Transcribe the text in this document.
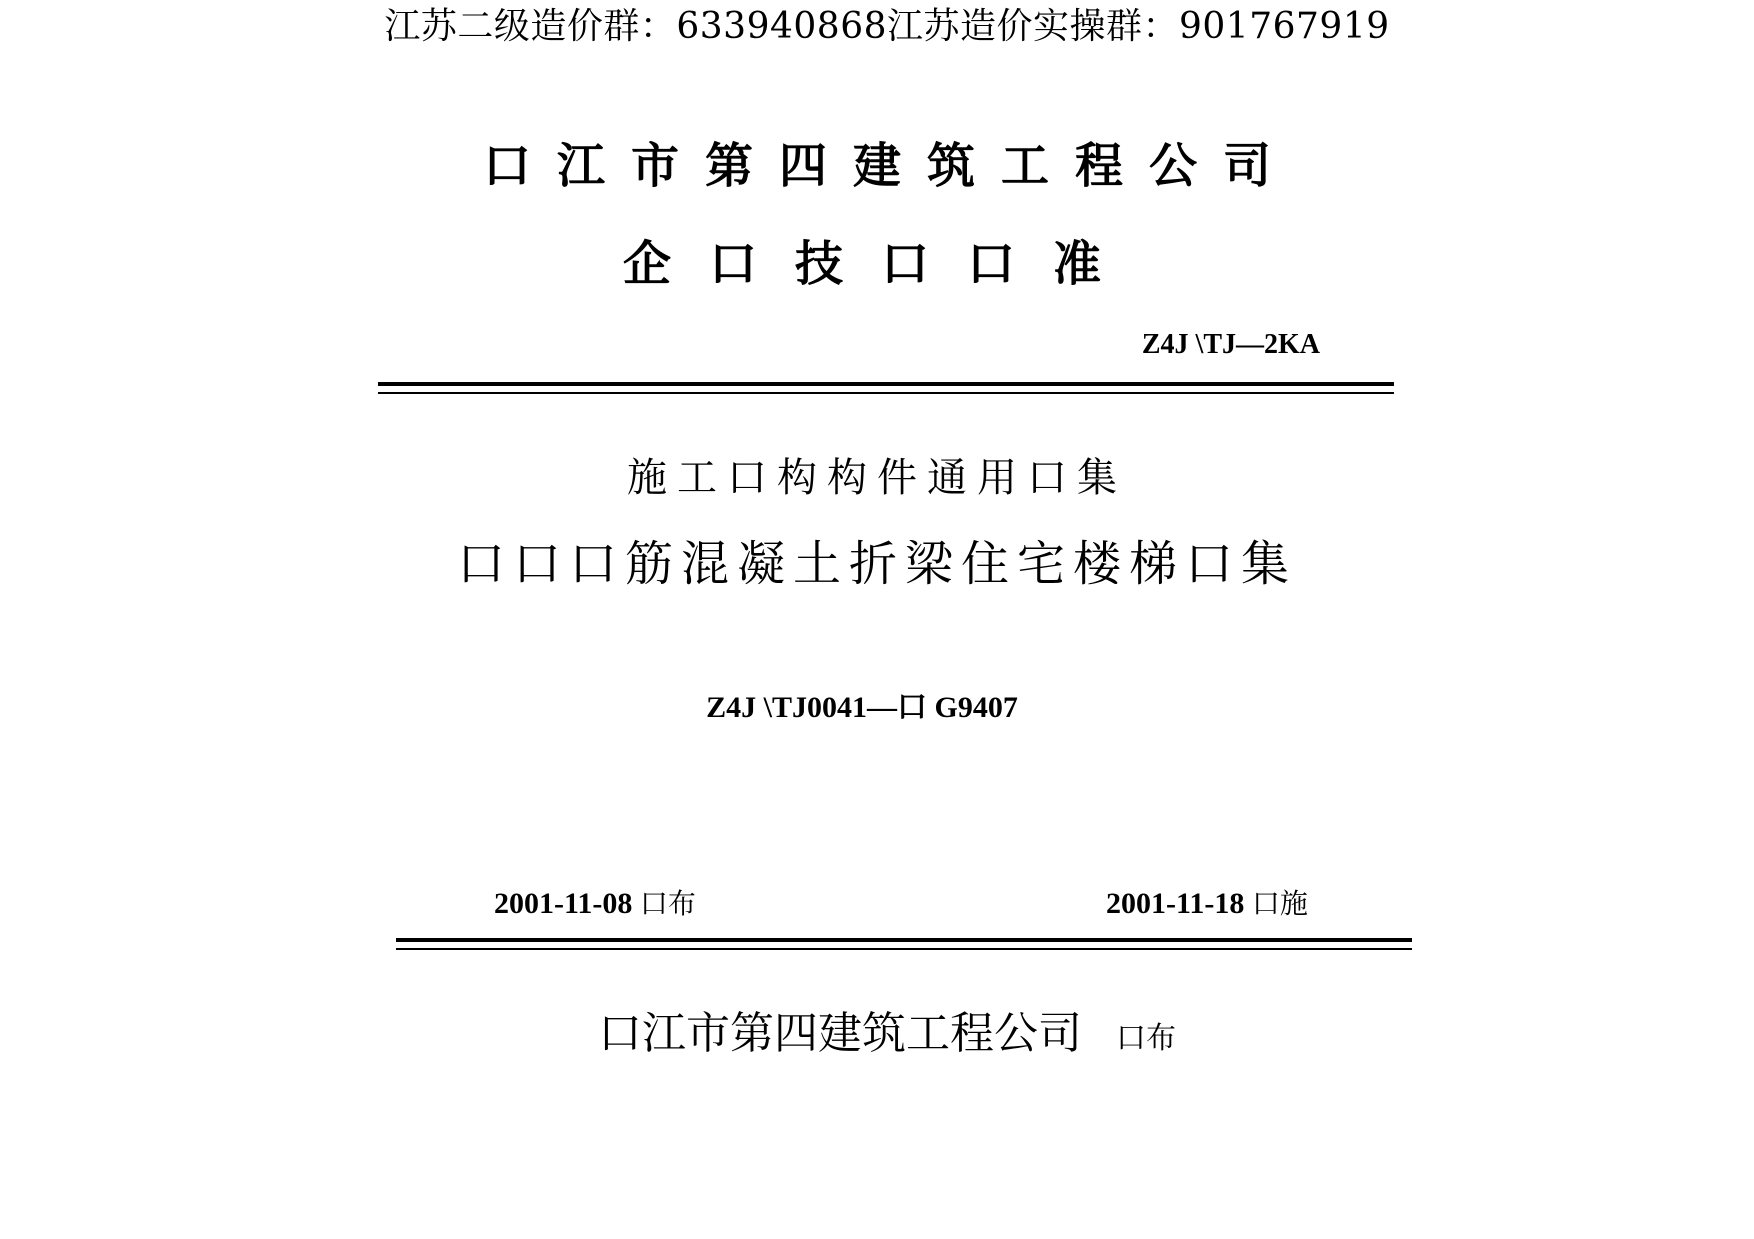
江苏二级造价群：633940868江苏造价实操群：901767919
口江市第四建筑工程公司
企口技口口准
Z4J \TJ—2KA
施工口构构件通用口集
口口口筋混凝土折梁住宅楼梯口集
Z4J \TJ0041—口 G9407
2001-11-08 口布	2001-11-18 口施
口江市第四建筑工程公司 口布
